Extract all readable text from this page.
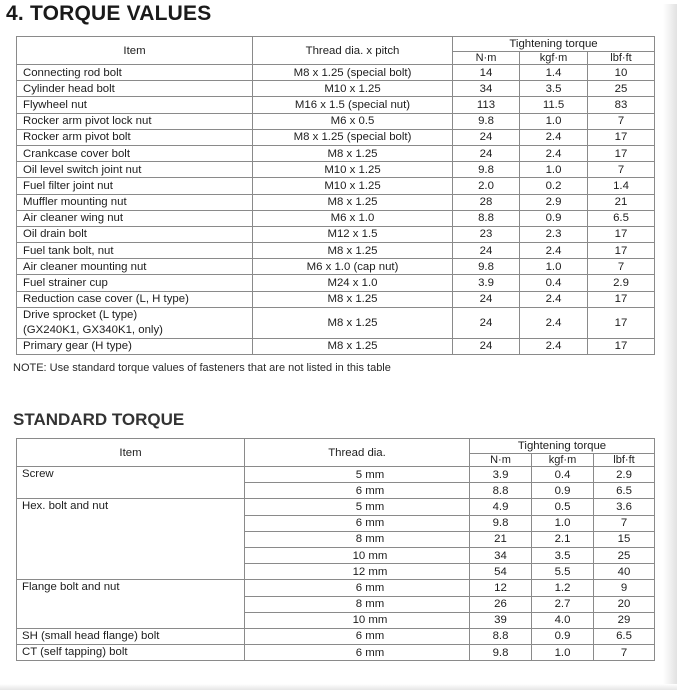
4. TORQUE VALUES
Item	Thread dia. x pitch	Tightening torque		
		N·m	kgf·m	lbf·ft
Connecting rod bolt	M8 x 1.25 (special bolt)	14	1.4	10
Cylinder head bolt	M10 x 1.25	34	3.5	25
Flywheel nut	M16 x 1.5 (special nut)	113	11.5	83
Rocker arm pivot lock nut	M6 x 0.5	9.8	1.0	7
Rocker arm pivot bolt	M8 x 1.25 (special bolt)	24	2.4	17
Crankcase cover bolt	M8 x 1.25	24	2.4	17
Oil level switch joint nut	M10 x 1.25	9.8	1.0	7
Fuel filter joint nut	M10 x 1.25	2.0	0.2	1.4
Muffler mounting nut	M8 x 1.25	28	2.9	21
Air cleaner wing nut	M6 x 1.0	8.8	0.9	6.5
Oil drain bolt	M12 x 1.5	23	2.3	17
Fuel tank bolt, nut	M8 x 1.25	24	2.4	17
Air cleaner mounting nut	M6 x 1.0 (cap nut)	9.8	1.0	7
Fuel strainer cup	M24 x 1.0	3.9	0.4	2.9
Reduction case cover (L, H type)	M8 x 1.25	24	2.4	17

Drive sprocket (L type)
(GX240K1, GX340K1, only)	M8 x 1.25	24	2.4	17
Primary gear (H type)	M8 x 1.25	24	2.4	17
NOTE: Use standard torque values of fasteners that are not listed in this table
STANDARD TORQUE
Item	Thread dia.	Tightening torque		
		N·m	kgf·m	lbf·ft
Screw	5 mm	3.9	0.4	2.9
	6 mm	8.8	0.9	6.5
Hex. bolt and nut	5 mm	4.9	0.5	3.6
	6 mm	9.8	1.0	7
	8 mm	21	2.1	15
	10 mm	34	3.5	25
	12 mm	54	5.5	40
Flange bolt and nut	6 mm	12	1.2	9
	8 mm	26	2.7	20
	10 mm	39	4.0	29
SH (small head flange) bolt	6 mm	8.8	0.9	6.5
CT (self tapping) bolt	6 mm	9.8	1.0	7
